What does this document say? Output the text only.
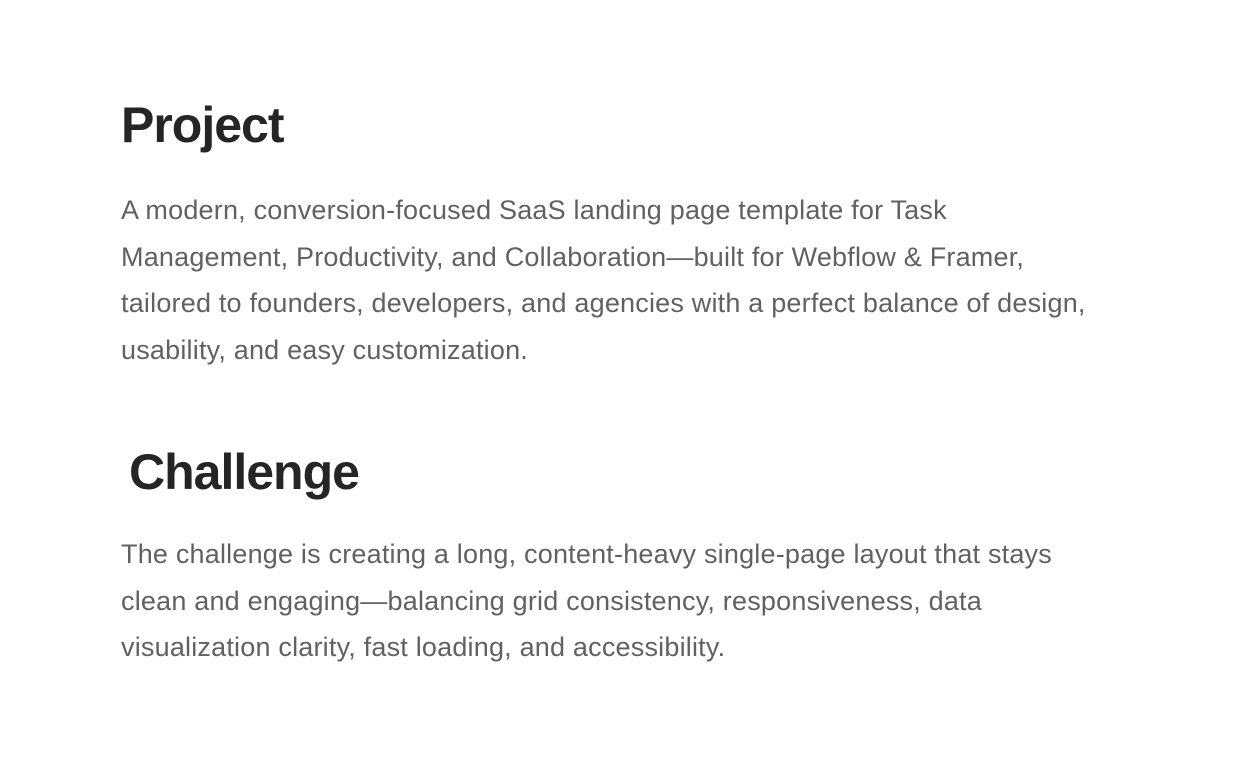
Project

A modern, conversion-focused SaaS landing page template for Task Management, Productivity, and Collaboration—built for Webflow & Framer, tailored to founders, developers, and agencies with a perfect balance of design, usability, and easy customization.

Challenge

The challenge is creating a long, content-heavy single-page layout that stays clean and engaging—balancing grid consistency, responsiveness, data visualization clarity, fast loading, and accessibility.
